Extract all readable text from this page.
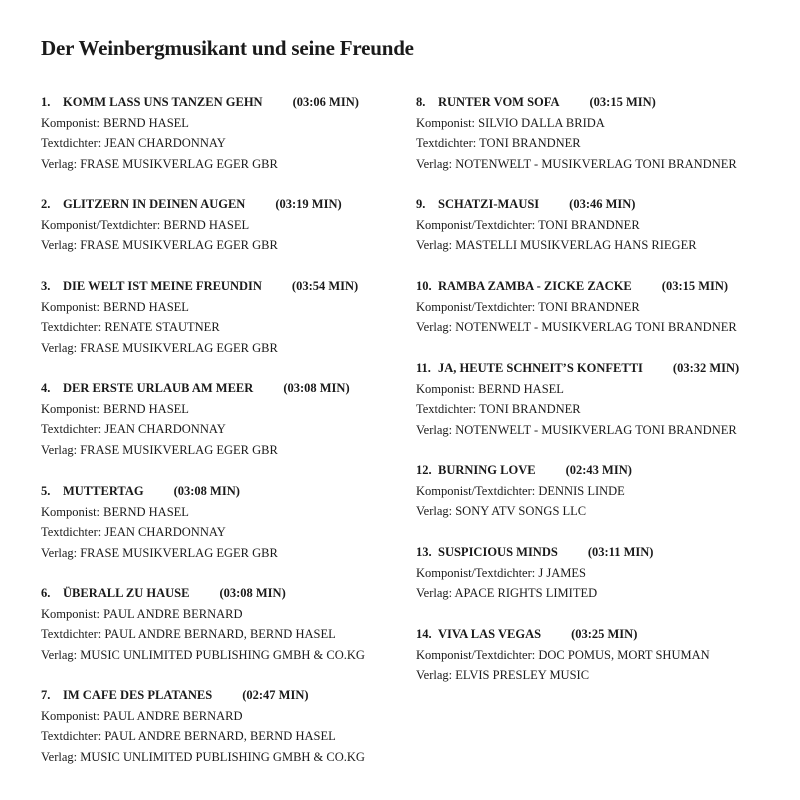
Der Weinbergmusikant und seine Freunde
1. KOMM LASS UNS TANZEN GEHN (03:06 MIN)
Komponist: BERND HASEL
Textdichter: JEAN CHARDONNAY
Verlag: FRASE MUSIKVERLAG EGER GBR
2. GLITZERN IN DEINEN AUGEN (03:19 MIN)
Komponist/Textdichter: BERND HASEL
Verlag: FRASE MUSIKVERLAG EGER GBR
3. DIE WELT IST MEINE FREUNDIN (03:54 MIN)
Komponist: BERND HASEL
Textdichter: RENATE STAUTNER
Verlag: FRASE MUSIKVERLAG EGER GBR
4. DER ERSTE URLAUB AM MEER (03:08 MIN)
Komponist: BERND HASEL
Textdichter: JEAN CHARDONNAY
Verlag: FRASE MUSIKVERLAG EGER GBR
5. MUTTERTAG (03:08 MIN)
Komponist: BERND HASEL
Textdichter: JEAN CHARDONNAY
Verlag: FRASE MUSIKVERLAG EGER GBR
6. ÜBERALL ZU HAUSE (03:08 MIN)
Komponist: PAUL ANDRE BERNARD
Textdichter: PAUL ANDRE BERNARD, BERND HASEL
Verlag: MUSIC UNLIMITED PUBLISHING GMBH & CO.KG
7. IM CAFE DES PLATANES (02:47 MIN)
Komponist: PAUL ANDRE BERNARD
Textdichter: PAUL ANDRE BERNARD, BERND HASEL
Verlag: MUSIC UNLIMITED PUBLISHING GMBH & CO.KG
8. RUNTER VOM SOFA (03:15 MIN)
Komponist: SILVIO DALLA BRIDA
Textdichter: TONI BRANDNER
Verlag: NOTENWELT - MUSIKVERLAG TONI BRANDNER
9. SCHATZI-MAUSI (03:46 MIN)
Komponist/Textdichter: TONI BRANDNER
Verlag: MASTELLI MUSIKVERLAG HANS RIEGER
10. RAMBA ZAMBA - ZICKE ZACKE (03:15 MIN)
Komponist/Textdichter: TONI BRANDNER
Verlag: NOTENWELT - MUSIKVERLAG TONI BRANDNER
11. JA, HEUTE SCHNEIT’S KONFETTI (03:32 MIN)
Komponist: BERND HASEL
Textdichter: TONI BRANDNER
Verlag: NOTENWELT - MUSIKVERLAG TONI BRANDNER
12. BURNING LOVE (02:43 MIN)
Komponist/Textdichter: DENNIS LINDE
Verlag: SONY ATV SONGS LLC
13. SUSPICIOUS MINDS (03:11 MIN)
Komponist/Textdichter: J JAMES
Verlag: APACE RIGHTS LIMITED
14. VIVA LAS VEGAS (03:25 MIN)
Komponist/Textdichter: DOC POMUS, MORT SHUMAN
Verlag: ELVIS PRESLEY MUSIC
